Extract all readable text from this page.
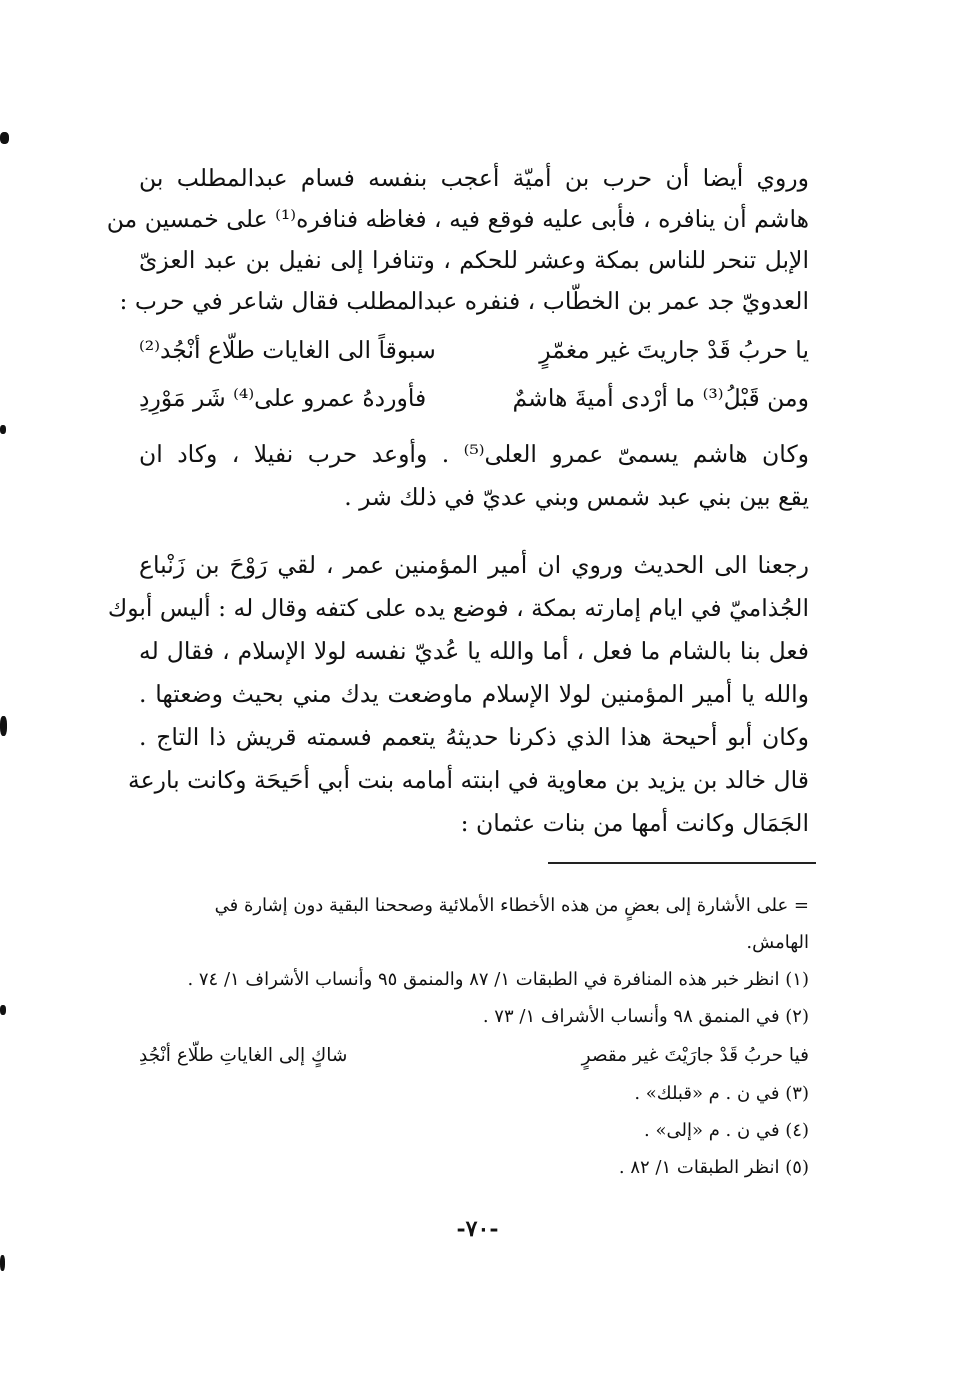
وروي أيضا أن حرب بن أميّة أعجب بنفسه فسام عبدالمطلب بن
هاشم أن ينافره ، فأبى عليه فوقع فيه ، فغاظه فنافره⁽¹⁾ على خمسين من
الإبل تنحر للناس بمكة وعشر للحكم ، وتنافرا إلى نفيل بن عبد العزىّ
العدويّ جد عمر بن الخطّاب ، فنفره عبدالمطلب فقال شاعر في حرب :
يا حربُ قَدْ جاريتَ غير مغمّرٍ
سبوقاً الى الغايات طلّاع أنْجُد⁽²⁾
ومن قَبْلُ⁽³⁾ ما أرْدى أميةَ هاشمٌ
فأوردهُ عمرو على⁽⁴⁾ شَر مَوْرِدِ
وكان هاشم يسمىّ عمرو العلى⁽⁵⁾ . وأوعد حرب نفيلا ، وكاد ان
يقع بين بني عبد شمس وبني عديّ في ذلك شر .
رجعنا الى الحديث وروي ان أمير المؤمنين عمر ، لقي رَوْحَ بن زَنْباع
الجُذاميّ في ايام إمارته بمكة ، فوضع يده على كتفه وقال له : أليس أبوك
فعل بنا بالشام ما فعل ، أما والله يا عُديّ نفسه لولا الإسلام ، فقال له
والله يا أمير المؤمنين لولا الإسلام ماوضعت يدك مني بحيث وضعتها .
وكان أبو أحيحة هذا الذي ذكرنا حديثهُ يتعمم فسمته قريش ذا التاج .
قال خالد بن يزيد بن معاوية في ابنته أمامه بنت أبي أحَيحَة وكانت بارعة
الجَمَال وكانت أمها من بنات عثمان :
= على الأشارة إلى بعضٍ من هذه الأخطاء الأملائية وصححنا البقية دون إشارة في
الهامش.
(١) انظر خبر هذه المنافرة في الطبقات ١/ ٨٧ والمنمق ٩٥ وأنساب الأشراف ١/ ٧٤ .
(٢) في المنمق ٩٨ وأنساب الأشراف ١/ ٧٣ .
فيا حربُ قَدْ جارَيْتَ غير مقصرٍ
شاكٍ إلى الغاياتِ طلّاع أنْجُدِ
(٣) في ن . م «قبلك» .
(٤) في ن . م «إلى» .
(٥) انظر الطبقات ١/ ٨٢ .
-٧٠-
